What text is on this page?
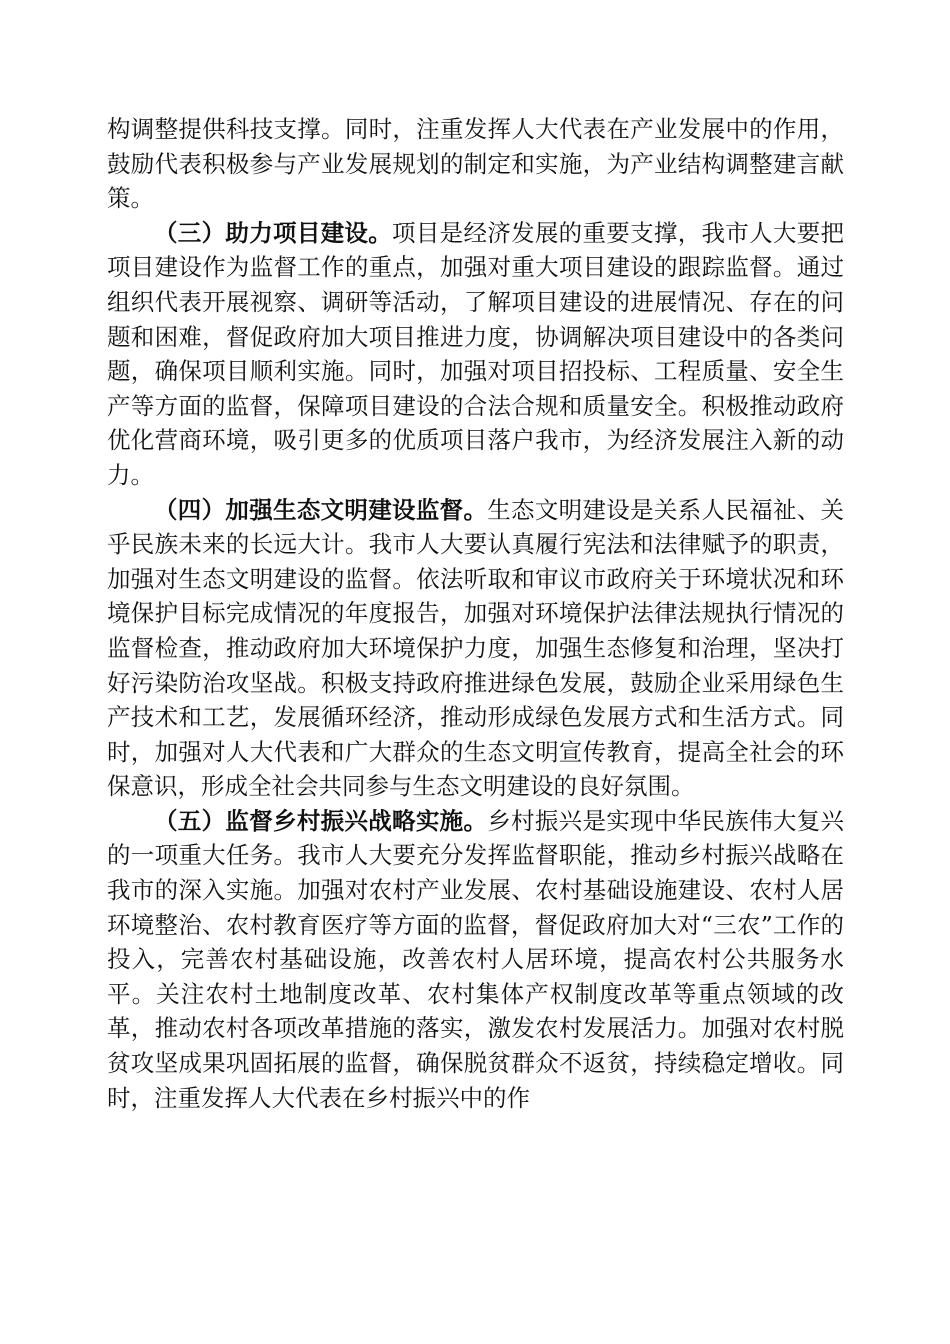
构调整提供科技支撑。同时，注重发挥人大代表在产业发展中的作用，鼓励代表积极参与产业发展规划的制定和实施，为产业结构调整建言献策。

（三）助力项目建设。项目是经济发展的重要支撑，我市人大要把项目建设作为监督工作的重点，加强对重大项目建设的跟踪监督。通过组织代表开展视察、调研等活动，了解项目建设的进展情况、存在的问题和困难，督促政府加大项目推进力度，协调解决项目建设中的各类问题，确保项目顺利实施。同时，加强对项目招投标、工程质量、安全生产等方面的监督，保障项目建设的合法合规和质量安全。积极推动政府优化营商环境，吸引更多的优质项目落户我市，为经济发展注入新的动力。

（四）加强生态文明建设监督。生态文明建设是关系人民福祉、关乎民族未来的长远大计。我市人大要认真履行宪法和法律赋予的职责，加强对生态文明建设的监督。依法听取和审议市政府关于环境状况和环境保护目标完成情况的年度报告，加强对环境保护法律法规执行情况的监督检查，推动政府加大环境保护力度，加强生态修复和治理，坚决打好污染防治攻坚战。积极支持政府推进绿色发展，鼓励企业采用绿色生产技术和工艺，发展循环经济，推动形成绿色发展方式和生活方式。同时，加强对人大代表和广大群众的生态文明宣传教育，提高全社会的环保意识，形成全社会共同参与生态文明建设的良好氛围。

（五）监督乡村振兴战略实施。乡村振兴是实现中华民族伟大复兴的一项重大任务。我市人大要充分发挥监督职能，推动乡村振兴战略在我市的深入实施。加强对农村产业发展、农村基础设施建设、农村人居环境整治、农村教育医疗等方面的监督，督促政府加大对“三农”工作的投入，完善农村基础设施，改善农村人居环境，提高农村公共服务水平。关注农村土地制度改革、农村集体产权制度改革等重点领域的改革，推动农村各项改革措施的落实，激发农村发展活力。加强对农村脱贫攻坚成果巩固拓展的监督，确保脱贫群众不返贫，持续稳定增收。同时，注重发挥人大代表在乡村振兴中的作
